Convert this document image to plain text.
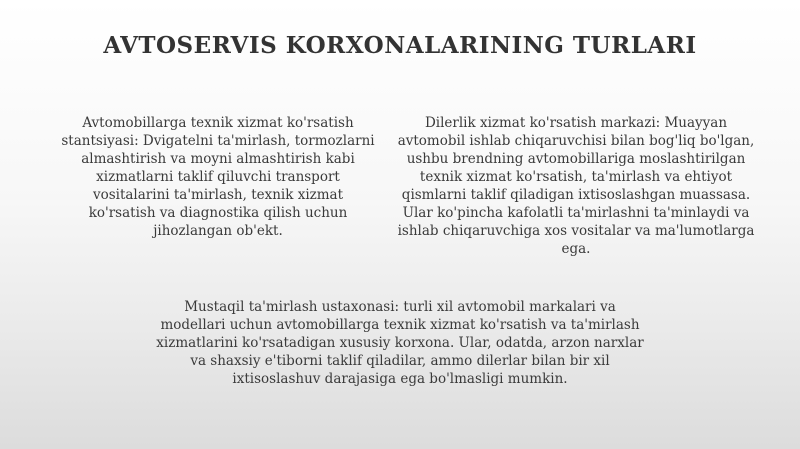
AVTOSERVIS KORXONALARINING TURLARI
Avtomobillarga texnik xizmat ko'rsatish stantsiyasi: Dvigatelni ta'mirlash, tormozlarni almashtirish va moyni almashtirish kabi xizmatlarni taklif qiluvchi transport vositalarini ta'mirlash, texnik xizmat ko'rsatish va diagnostika qilish uchun jihozlangan ob'ekt.
Dilerlik xizmat ko'rsatish markazi: Muayyan avtomobil ishlab chiqaruvchisi bilan bog'liq bo'lgan, ushbu brendning avtomobillariga moslashtirilgan texnik xizmat ko'rsatish, ta'mirlash va ehtiyot qismlarni taklif qiladigan ixtisoslashgan muassasa. Ular ko'pincha kafolatli ta'mirlashni ta'minlaydi va ishlab chiqaruvchiga xos vositalar va ma'lumotlarga ega.
Mustaqil ta'mirlash ustaxonasi: turli xil avtomobil markalari va modellari uchun avtomobillarga texnik xizmat ko'rsatish va ta'mirlash xizmatlarini ko'rsatadigan xususiy korxona. Ular, odatda, arzon narxlar va shaxsiy e'tiborni taklif qiladilar, ammo dilerlar bilan bir xil ixtisoslashuv darajasiga ega bo'lmasligi mumkin.
